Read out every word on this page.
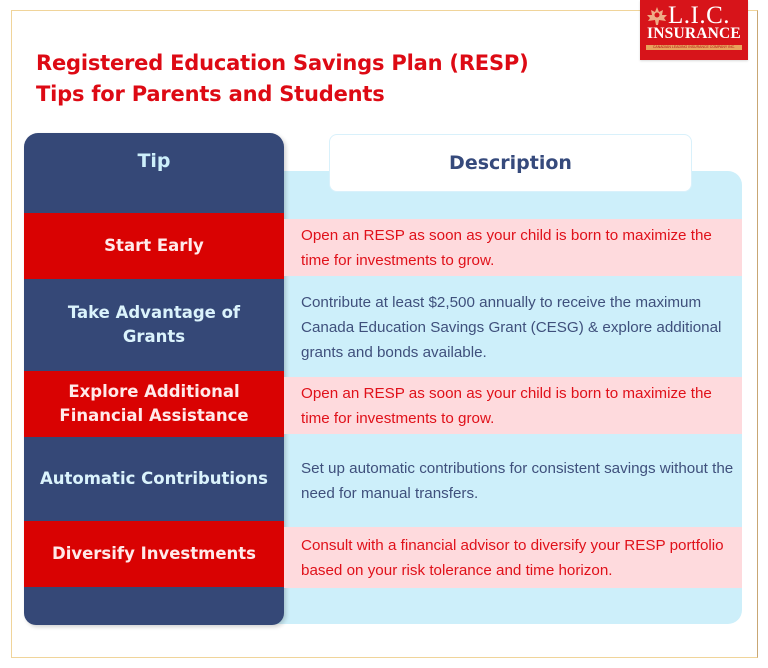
L.I.C.
INSURANCE
CANADIAN LEADING INSURANCE COMPANY INC.
Registered Education Savings Plan (RESP)
Tips for Parents and Students
Description
Tip
Start Early
Open an RESP as soon as your child is born to maximize the time for investments to grow.
Take Advantage of Grants
Contribute at least $2,500 annually to receive the maximum Canada Education Savings Grant (CESG) & explore additional grants and bonds available.
Explore Additional Financial Assistance
Open an RESP as soon as your child is born to maximize the time for investments to grow.
Automatic Contributions
Set up automatic contributions for consistent savings without the need for manual transfers.
Diversify Investments	Consult with a financial advisor to diversify your RESP portfolio based on your risk tolerance and time horizon.
